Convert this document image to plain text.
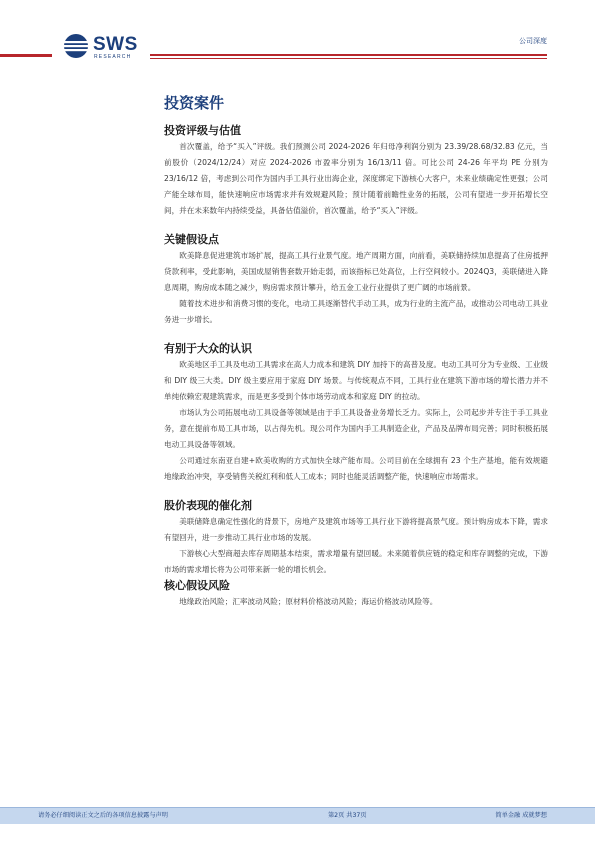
SWS
RESEARCH
公司深度
投资案件
投资评级与估值

首次覆盖，给予“买入”评级。我们预测公司 2024-2026 年归母净利润分别为 23.39/28.68/32.83 亿元，当前股价（2024/12/24）对应 2024-2026 市盈率分别为 16/13/11 倍。可比公司 24-26 年平均 PE 分别为 23/16/12 倍，考虑到公司作为国内手工具行业出海企业，深度绑定下游核心大客户，未来业绩确定性更强；公司产能全球布局，能快速响应市场需求并有效规避风险；预计随着前瞻性业务的拓展，公司有望进一步开拓增长空间，并在未来数年内持续受益，具备估值溢价，首次覆盖，给予“买入”评级。

关键假设点

欧美降息促进建筑市场扩展，提高工具行业景气度。地产周期方面，向前看，美联储持续加息提高了住房抵押贷款利率，受此影响，美国成屋销售套数开始走弱，而该指标已处高位，上行空间较小。2024Q3，美联储进入降息周期，购房成本随之减少，购房需求预计攀升，给五金工业行业提供了更广阔的市场前景。

随着技术进步和消费习惯的变化，电动工具逐渐替代手动工具，成为行业的主流产品，或推动公司电动工具业务进一步增长。

有别于大众的认识

欧美地区手工具及电动工具需求在高人力成本和建筑 DIY 加持下的高普及度。电动工具可分为专业级、工业级和 DIY 级三大类。DIY 级主要应用于家庭 DIY 场景。与传统观点不同，工具行业在建筑下游市场的增长潜力并不单纯依赖宏观建筑需求，而是更多受到个体市场劳动成本和家庭 DIY 的拉动。

市场认为公司拓展电动工具设备等领域是由于手工具设备业务增长乏力。实际上，公司起步并专注于手工具业务，意在提前布局工具市场，以占得先机。现公司作为国内手工具制造企业，产品及品牌布局完善；同时积极拓展电动工具设备等领域。

公司通过东南亚自建+欧美收购的方式加快全球产能布局。公司目前在全球拥有 23 个生产基地，能有效规避地缘政治冲突，享受销售关税红利和低人工成本；同时也能灵活调整产能，快速响应市场需求。

股价表现的催化剂

美联储降息确定性强化的背景下，房地产及建筑市场等工具行业下游将提高景气度。预计购房成本下降，需求有望回升，进一步推动工具行业市场的发展。

下游核心大型商超去库存周期基本结束，需求增量有望回暖。未来随着供应链的稳定和库存调整的完成，下游市场的需求增长将为公司带来新一轮的增长机会。

核心假设风险

地缘政治风险；汇率波动风险；原材料价格波动风险；海运价格波动风险等。

请务必仔细阅读正文之后的各项信息披露与声明	第2页 共37页	简单金融 成就梦想
